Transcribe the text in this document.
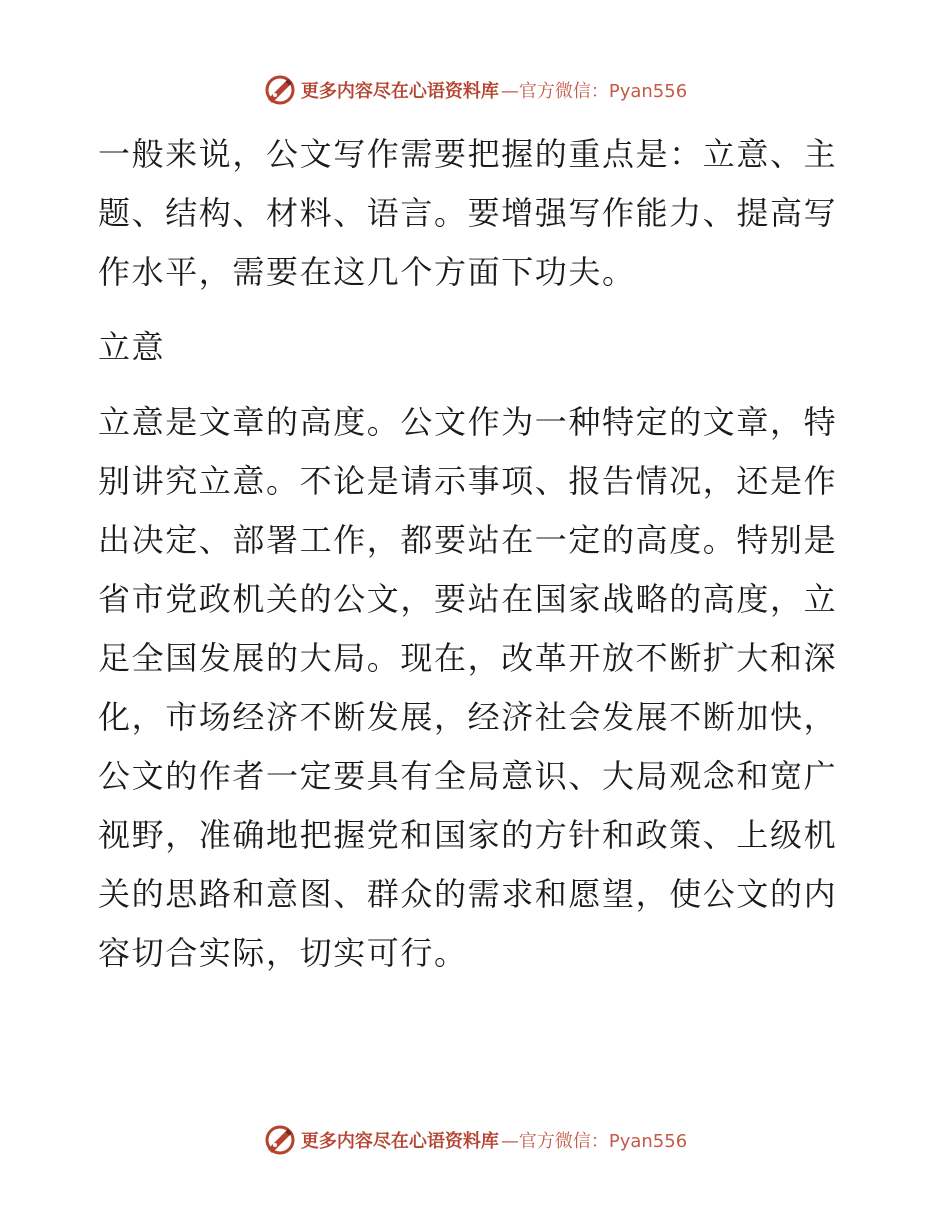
更多内容尽在心语资料库 —官方微信：Pyan556

一般来说，公文写作需要把握的重点是：立意、主题、结构、材料、语言。要增强写作能力、提高写作水平，需要在这几个方面下功夫。

立意

立意是文章的高度。公文作为一种特定的文章，特别讲究立意。不论是请示事项、报告情况，还是作出决定、部署工作，都要站在一定的高度。特别是省市党政机关的公文，要站在国家战略的高度，立足全国发展的大局。现在，改革开放不断扩大和深化，市场经济不断发展，经济社会发展不断加快，公文的作者一定要具有全局意识、大局观念和宽广视野，准确地把握党和国家的方针和政策、上级机关的思路和意图、群众的需求和愿望，使公文的内容切合实际，切实可行。

更多内容尽在心语资料库 —官方微信：Pyan556
